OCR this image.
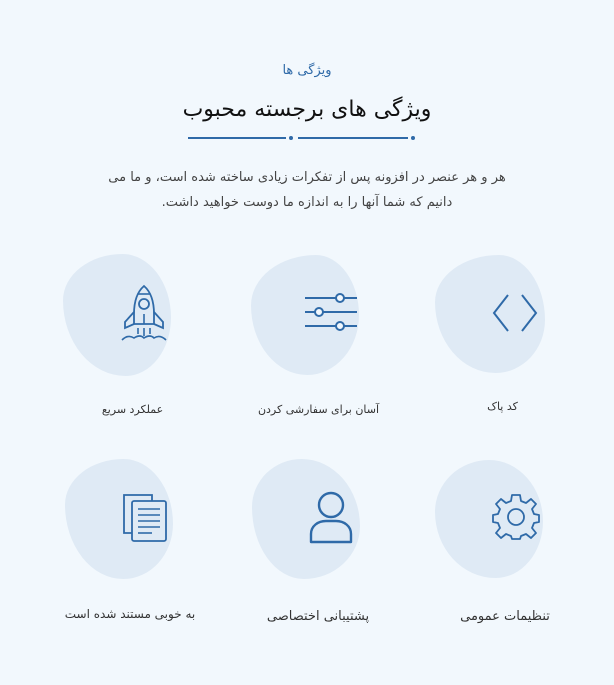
ویژگی ها
ویژگی های برجسته محبوب
هر و هر عنصر در افزونه پس از تفکرات زیادی ساخته شده است، و ما می
دانیم که شما آنها را به اندازه ما دوست خواهید داشت.
کد پاک
آسان برای سفارشی کردن
عملکرد سریع
تنظیمات عمومی
پشتیبانی اختصاصی
به خوبی مستند شده است
